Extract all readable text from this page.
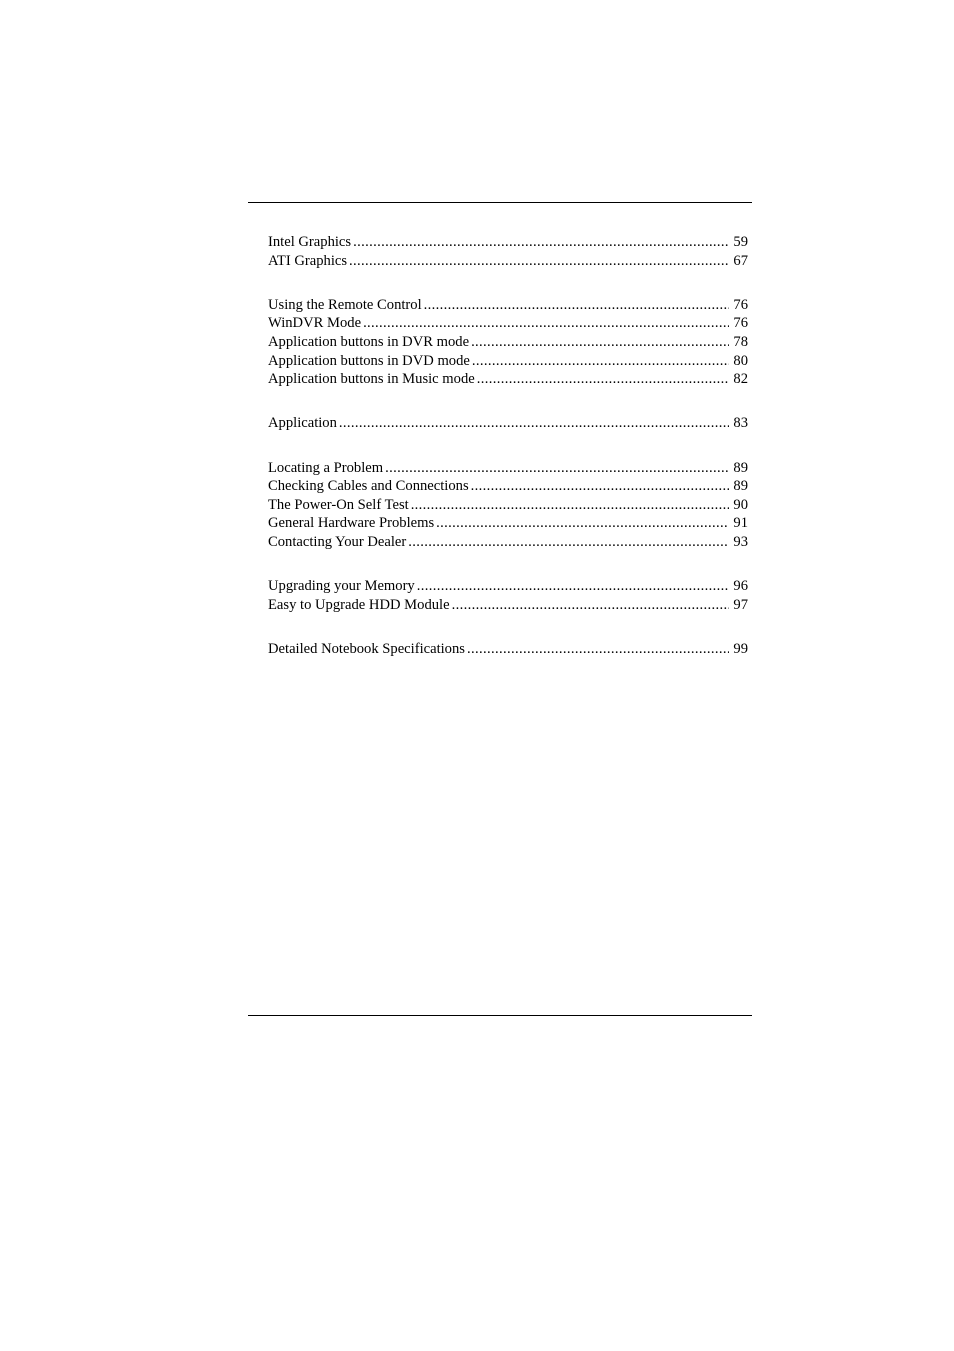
Intel Graphics .....	59
ATI Graphics .....	67
Using the Remote Control .....	76
WinDVR Mode .....	76
Application buttons in DVR mode .....	78
Application buttons in DVD mode .....	80
Application buttons in Music mode .....	82
Application .....	83
Locating a Problem .....	89
Checking Cables and Connections .....	89
The Power-On Self Test .....	90
General Hardware Problems .....	91
Contacting Your Dealer .....	93
Upgrading your Memory .....	96
Easy to Upgrade HDD Module .....	97
Detailed Notebook Specifications .....	99
